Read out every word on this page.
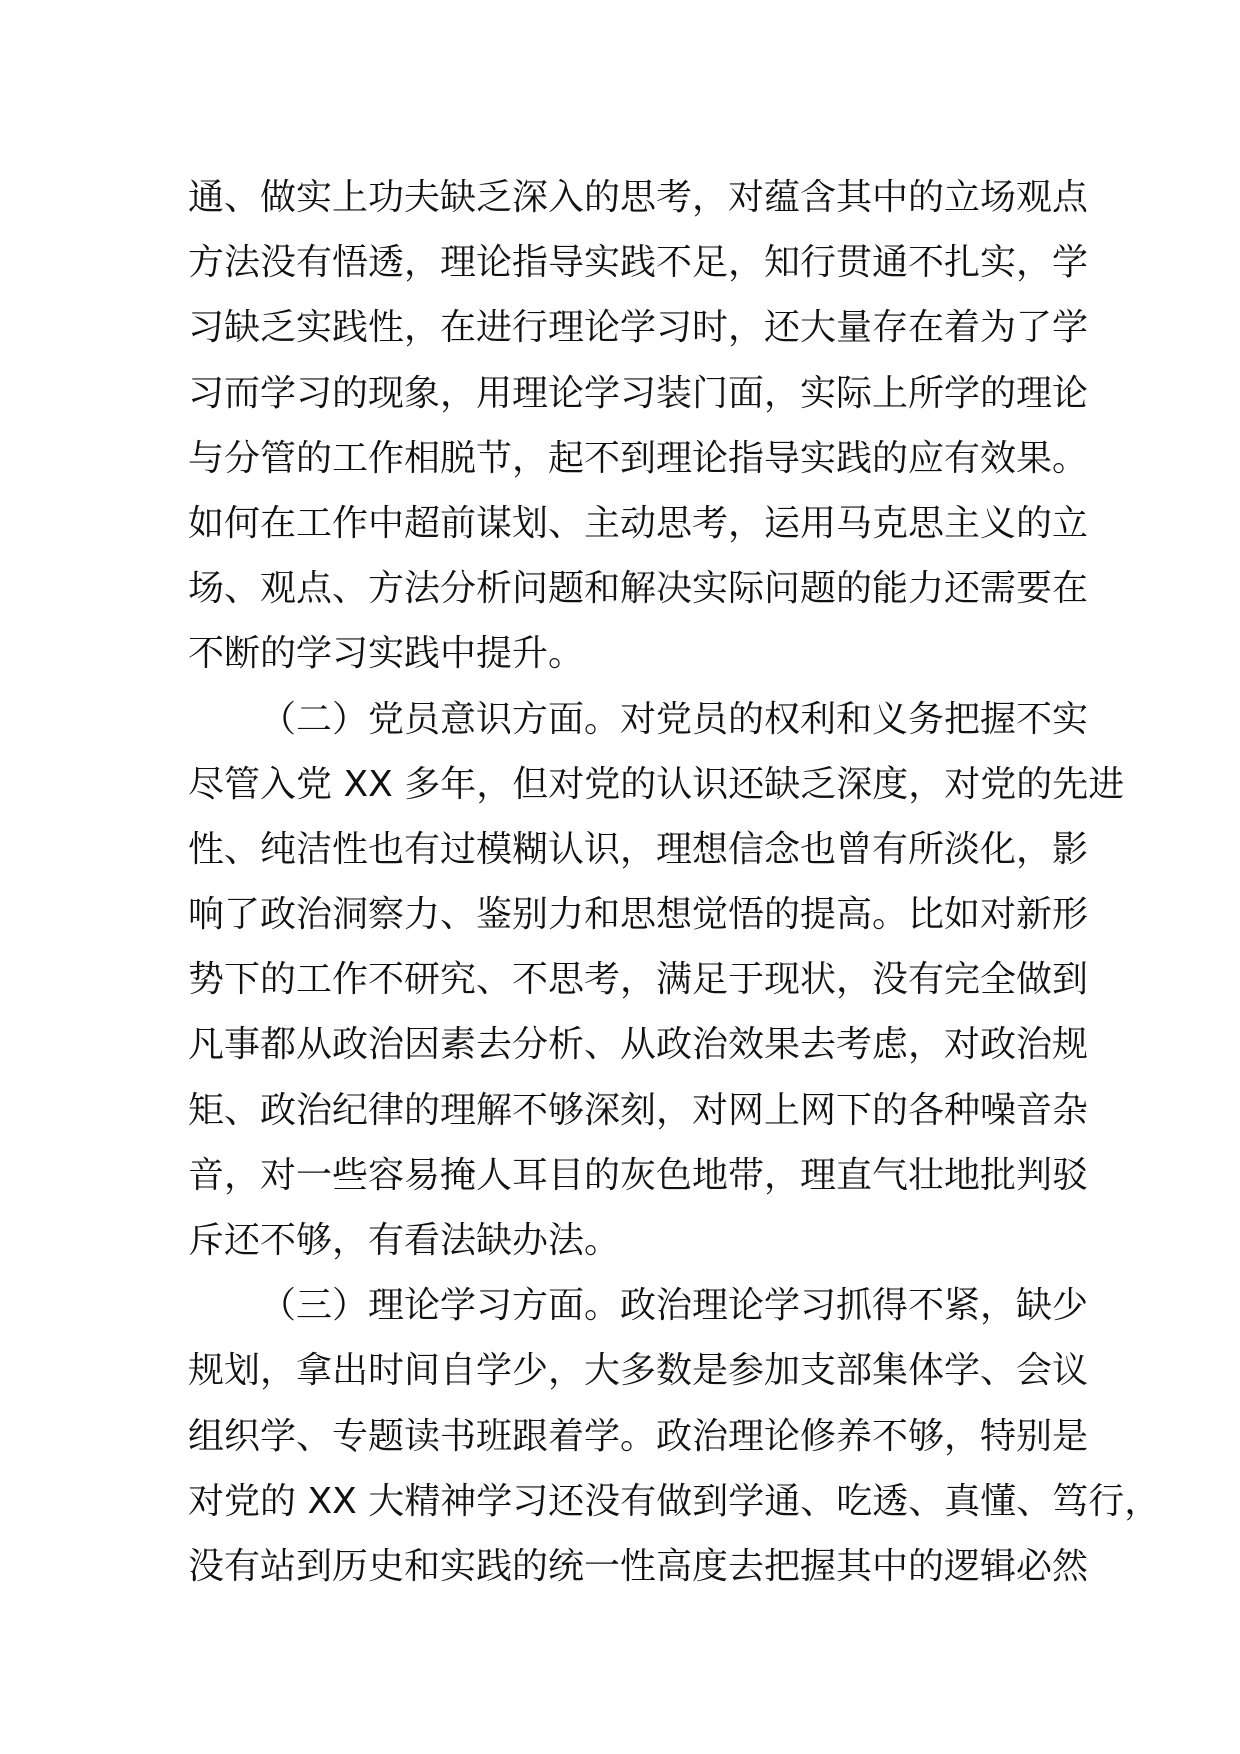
通、做实上功夫缺乏深入的思考，对蕴含其中的立场观点
方法没有悟透，理论指导实践不足，知行贯通不扎实，学
习缺乏实践性，在进行理论学习时，还大量存在着为了学
习而学习的现象，用理论学习装门面，实际上所学的理论
与分管的工作相脱节，起不到理论指导实践的应有效果。
如何在工作中超前谋划、主动思考，运用马克思主义的立
场、观点、方法分析问题和解决实际问题的能力还需要在
不断的学习实践中提升。
（二）党员意识方面。对党员的权利和义务把握不实
尽管入党 XX 多年，但对党的认识还缺乏深度，对党的先进
性、纯洁性也有过模糊认识，理想信念也曾有所淡化，影
响了政治洞察力、鉴别力和思想觉悟的提高。比如对新形
势下的工作不研究、不思考，满足于现状，没有完全做到
凡事都从政治因素去分析、从政治效果去考虑，对政治规
矩、政治纪律的理解不够深刻，对网上网下的各种噪音杂
音，对一些容易掩人耳目的灰色地带，理直气壮地批判驳
斥还不够，有看法缺办法。
（三）理论学习方面。政治理论学习抓得不紧，缺少
规划，拿出时间自学少，大多数是参加支部集体学、会议
组织学、专题读书班跟着学。政治理论修养不够，特别是
对党的 XX 大精神学习还没有做到学通、吃透、真懂、笃行，
没有站到历史和实践的统一性高度去把握其中的逻辑必然
